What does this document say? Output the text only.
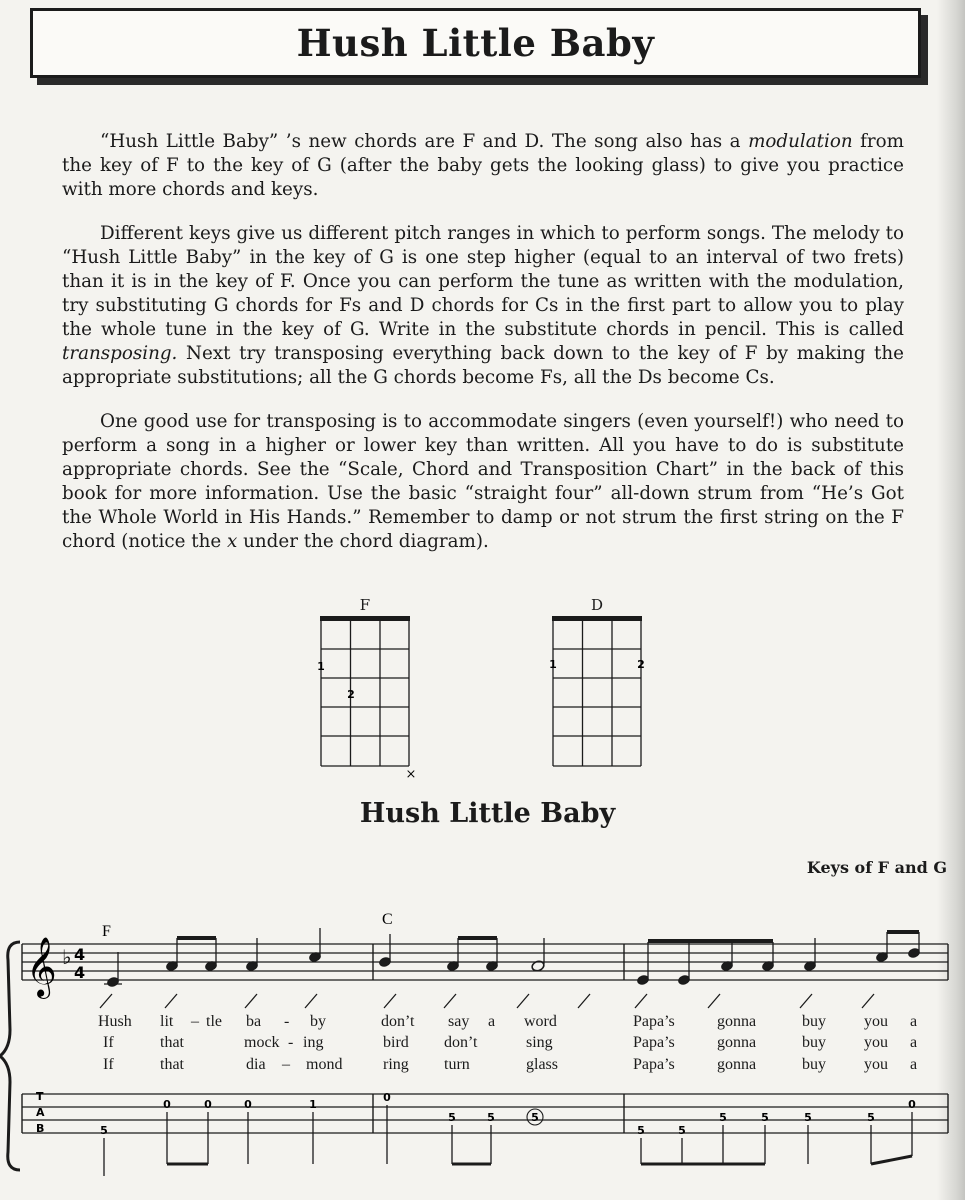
Hush Little Baby

“Hush Little Baby” ’s new chords are F and D. The song also has a modulation from the key of F to the key of G (after the baby gets the looking glass) to give you practice with more chords and keys.

Different keys give us different pitch ranges in which to perform songs. The melody to “Hush Little Baby” in the key of G is one step higher (equal to an interval of two frets) than it is in the key of F. Once you can perform the tune as written with the modulation, try substituting G chords for Fs and D chords for Cs in the first part to allow you to play the whole tune in the key of G. Write in the substitute chords in pencil. This is called transposing. Next try transposing everything back down to the key of F by making the appropriate substitutions; all the G chords become Fs, all the Ds become Cs.

One good use for transposing is to accommodate singers (even yourself!) who need to perform a song in a higher or lower key than written. All you have to do is substitute appropriate chords. See the “Scale, Chord and Transposition Chart” in the back of this book for more information. Use the basic “straight four” all-down strum from “He’s Got the Whole World in His Hands.” Remember to damp or not strum the first string on the F chord (notice the x under the chord diagram).

F
1
2
×
D
1	2
Hush Little Baby
Keys of F and G
𝄞 ♭ 4
4
F
C
Hush lit – tle ba - by	don’t say a word	Papa’s	gonna	buy you a
If	that	mock - ing	bird don’t	sing	Papa’s	gonna	buy you a
If	that	dia – mond	ring turn	glass	Papa’s	gonna	buy you a
T
A
B	5
0	0	0	1
0
5	5	5
5	5
5	5	5	5
0
